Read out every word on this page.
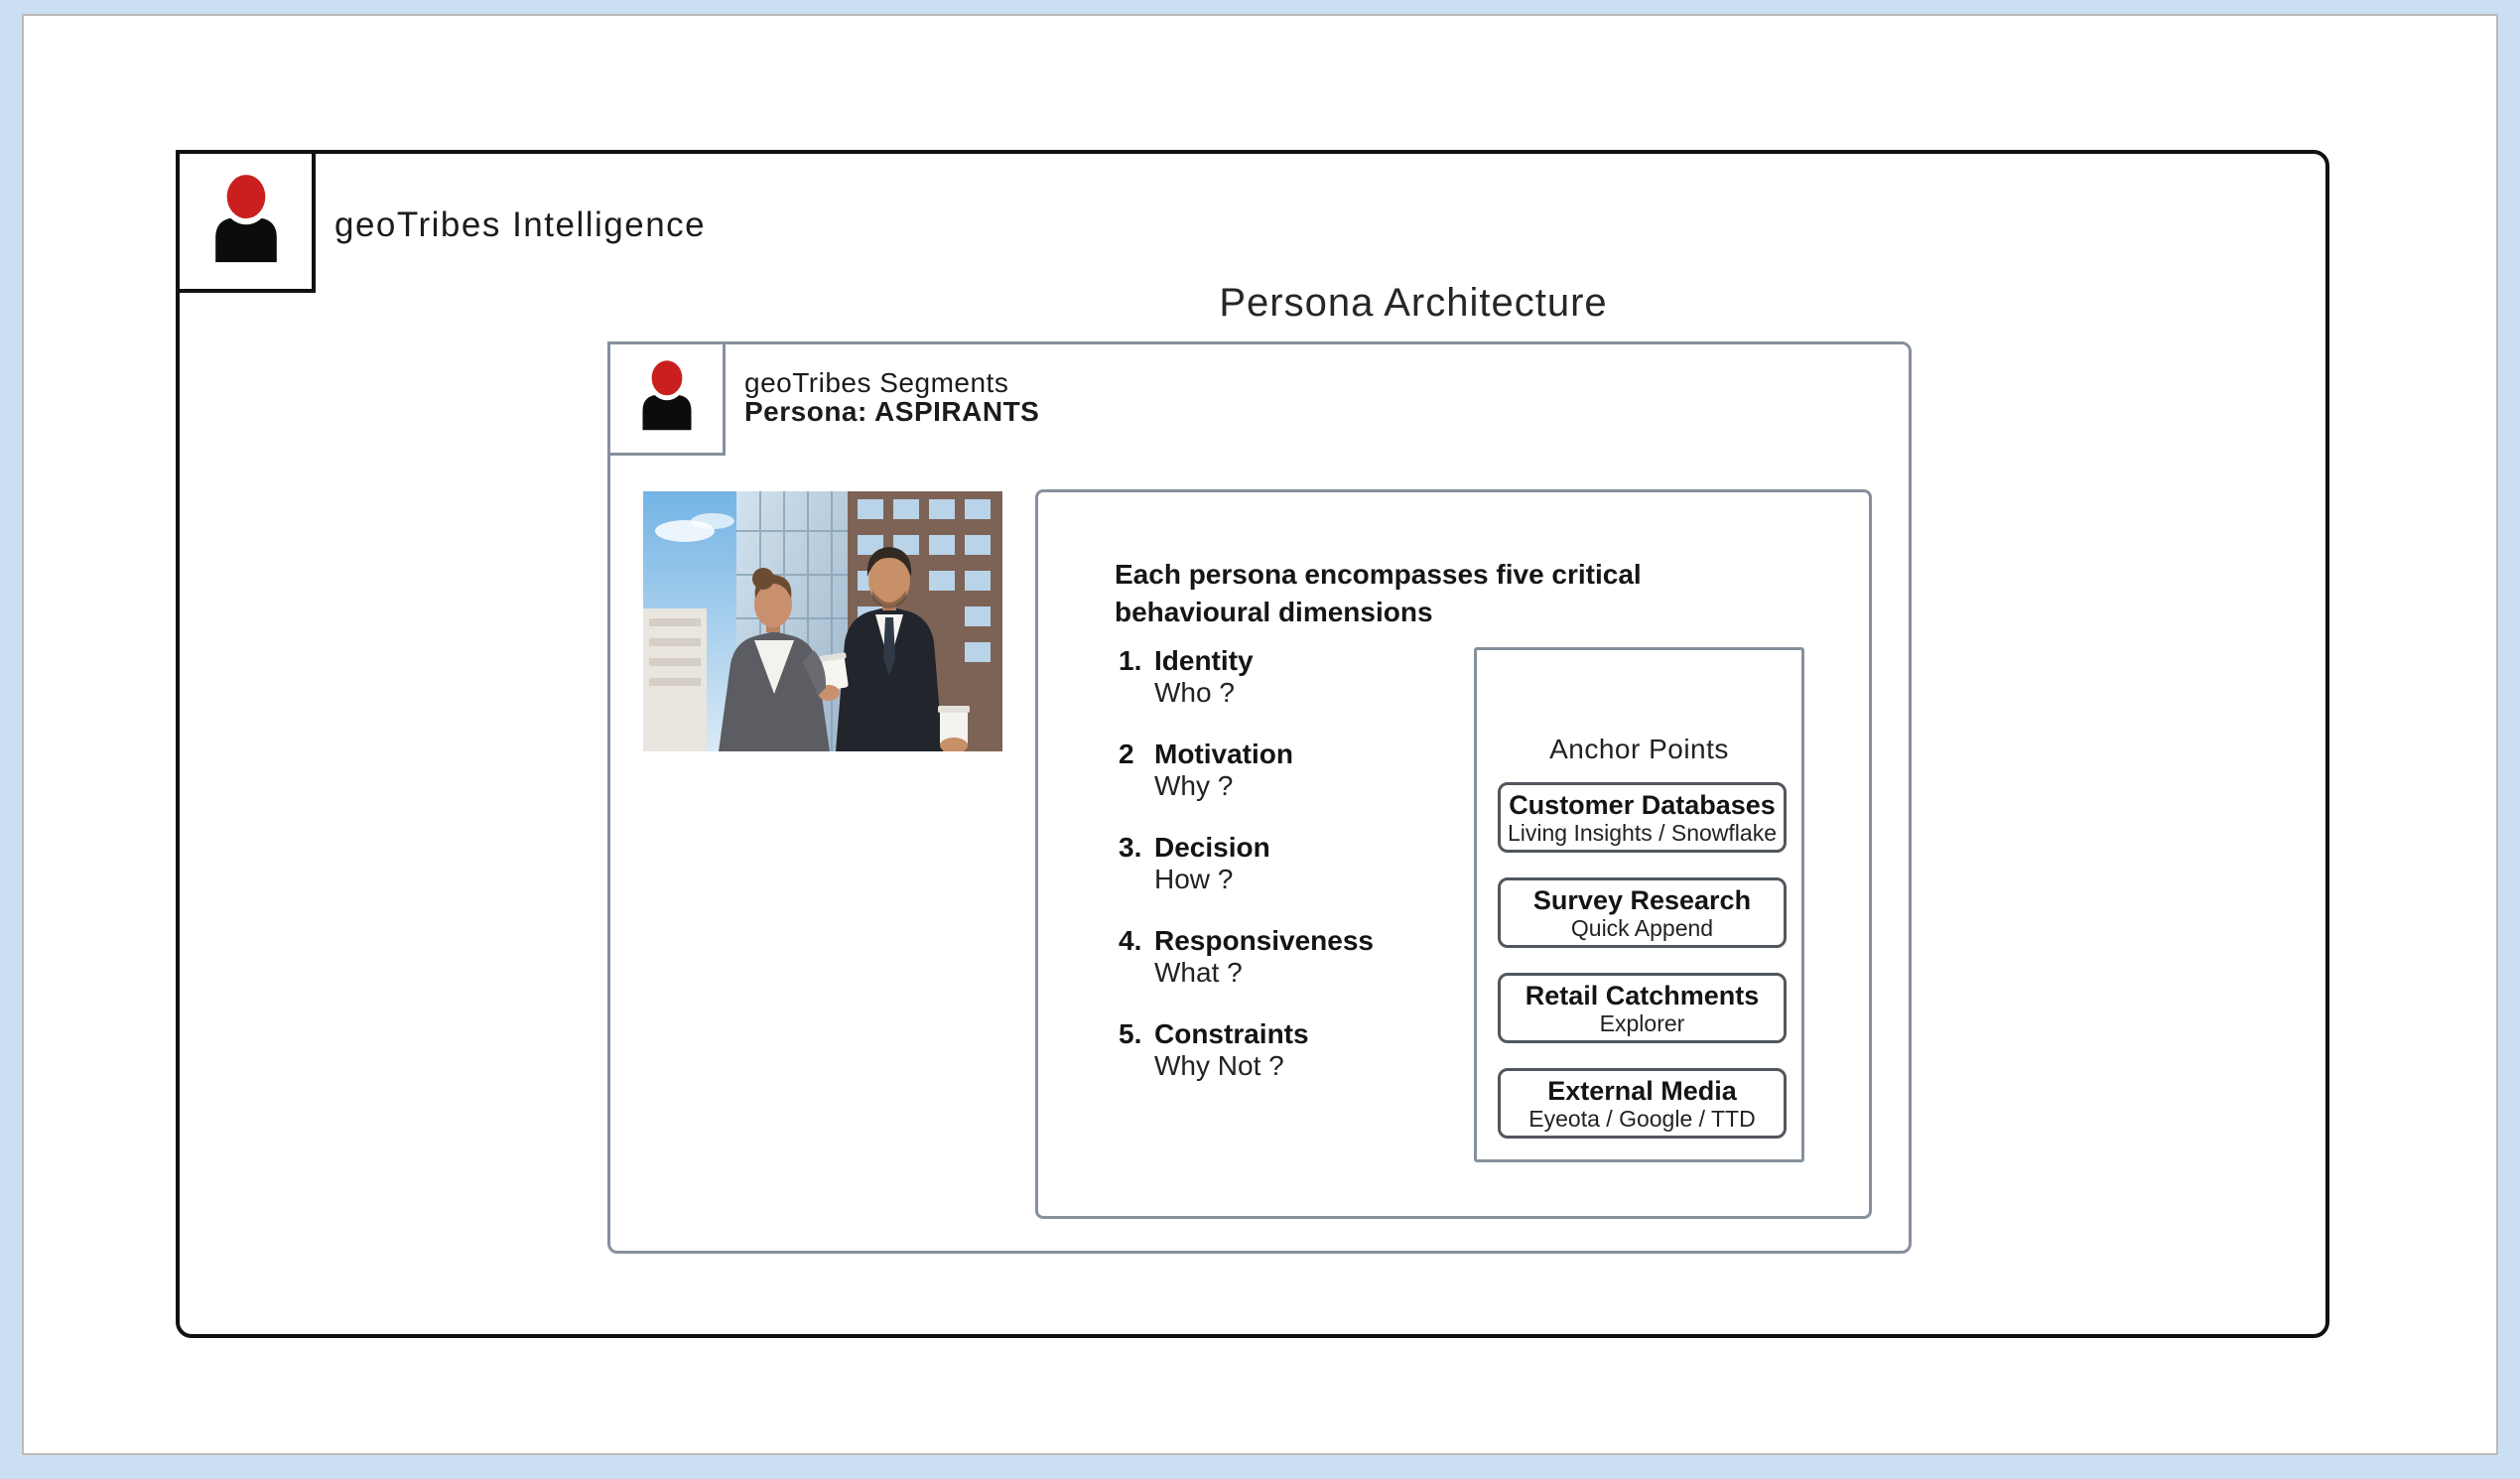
geoTribes Intelligence
Persona Architecture
geoTribes Segments
Persona: ASPIRANTS
Each persona encompasses five critical
behavioural dimensions
1. Identity
Who ?
2 Motivation
Why ?
3. Decision
How ?
4. Responsiveness
What ?
5. Constraints
Why Not ?
Anchor Points
Customer Databases
Living Insights / Snowflake
Survey Research
Quick Append
Retail Catchments
Explorer
External Media
Eyeota / Google / TTD
